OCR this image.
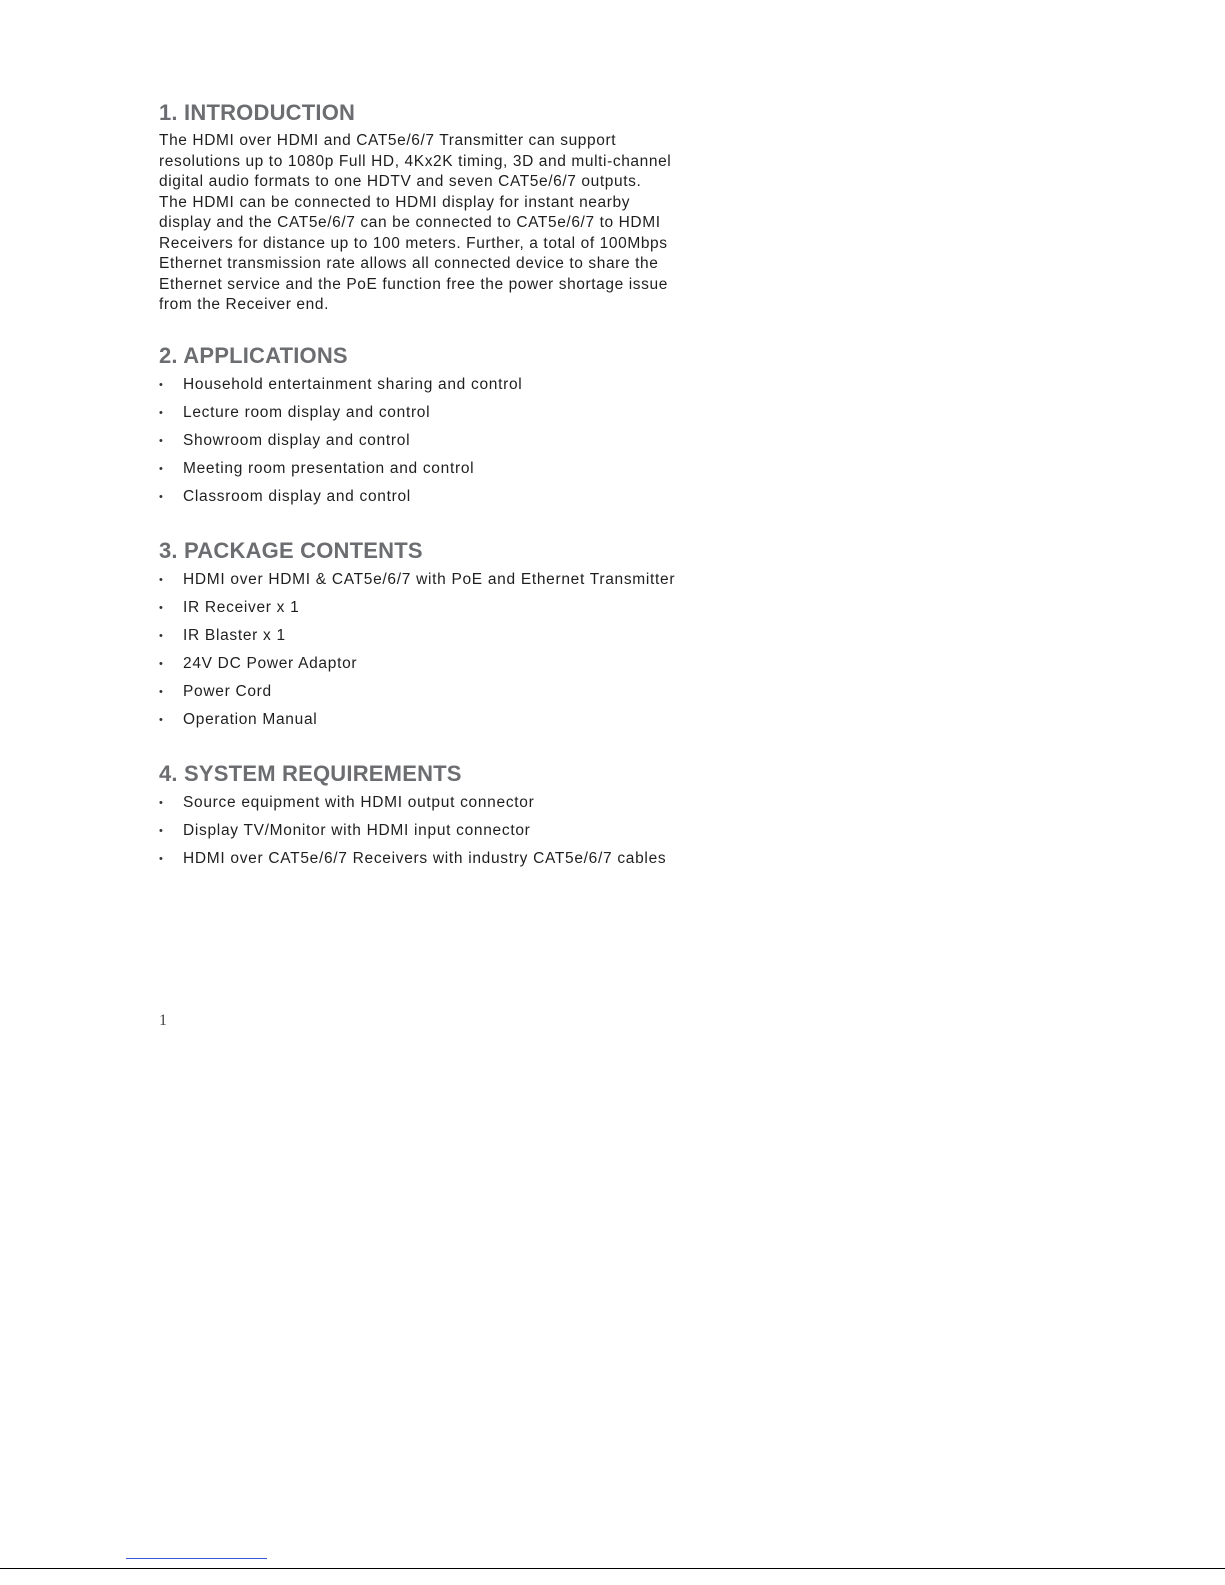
1. INTRODUCTION

The HDMI over HDMI and CAT5e/6/7 Transmitter can support

resolutions up to 1080p Full HD, 4Kx2K timing, 3D and multi-channel

digital audio formats to one HDTV and seven CAT5e/6/7 outputs.

The HDMI can be connected to HDMI display for instant nearby

display and the CAT5e/6/7 can be connected to CAT5e/6/7 to HDMI

Receivers for distance up to 100 meters. Further, a total of 100Mbps

Ethernet transmission rate allows all connected device to share the

Ethernet service and the PoE function free the power shortage issue

from the Receiver end.

2. APPLICATIONS
•	Household entertainment sharing and control
•	Lecture room display and control
•	Showroom display and control
•	Meeting room presentation and control
•	Classroom display and control
3. PACKAGE CONTENTS
•	HDMI over HDMI & CAT5e/6/7 with PoE and Ethernet Transmitter
•	IR Receiver x 1
•	IR Blaster x 1
•	24V DC Power Adaptor
•	Power Cord
•	Operation Manual
4. SYSTEM REQUIREMENTS
•	Source equipment with HDMI output connector
•	Display TV/Monitor with HDMI input connector
•	HDMI over CAT5e/6/7 Receivers with industry CAT5e/6/7 cables
1
